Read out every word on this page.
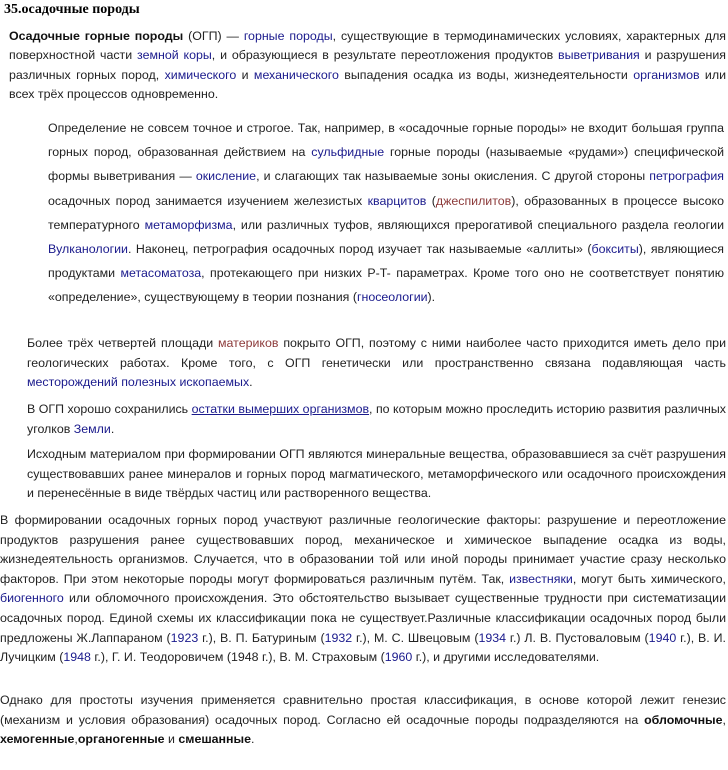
35.осадочные породы

Осадочные горные породы (ОГП) — горные породы, существующие в термодинамических условиях, характерных для поверхностной части земной коры, и образующиеся в результате переотложения продуктов выветривания и разрушения различных горных пород, химического и механического выпадения осадка из воды, жизнедеятельности организмов или всех трёх процессов одновременно.

Определение не совсем точное и строгое. Так, например, в «осадочные горные породы» не входит большая группа горных пород, образованная действием на сульфидные горные породы (называемые «рудами») специфической формы выветривания — окисление, и слагающих так называемые зоны окисления. С другой стороны петрография осадочных пород занимается изучением железистых кварцитов (джеспилитов), образованных в процессе высоко температурного метаморфизма, или различных туфов, являющихся прерогативой специального раздела геологии Вулканологии. Наконец, петрография осадочных пород изучает так называемые «аллиты» (бокситы), являющиеся продуктами метасоматоза, протекающего при низких P-T- параметрах. Кроме того оно не соответствует понятию «определение», существующему в теории познания (гносеологии).

Более трёх четвертей площади материков покрыто ОГП, поэтому с ними наиболее часто приходится иметь дело при геологических работах. Кроме того, с ОГП генетически или пространственно связана подавляющая часть месторождений полезных ископаемых.

В ОГП хорошо сохранились остатки вымерших организмов, по которым можно проследить историю развития различных уголков Земли.

Исходным материалом при формировании ОГП являются минеральные вещества, образовавшиеся за счёт разрушения существовавших ранее минералов и горных пород магматического, метаморфического или осадочного происхождения и перенесённые в виде твёрдых частиц или растворенного вещества.

В формировании осадочных горных пород участвуют различные геологические факторы: разрушение и переотложение продуктов разрушения ранее существовавших пород, механическое и химическое выпадение осадка из воды, жизнедеятельность организмов. Случается, что в образовании той или иной породы принимает участие сразу несколько факторов. При этом некоторые породы могут формироваться различным путём. Так, известняки, могут быть химического, биогенного или обломочного происхождения. Это обстоятельство вызывает существенные трудности при систематизации осадочных пород. Единой схемы их классификации пока не существует.Различные классификации осадочных пород были предложены Ж.Лаппараном (1923 г.), В. П. Батуриным (1932 г.), М. С. Швецовым (1934 г.) Л. В. Пустоваловым (1940 г.), В. И. Лучицким (1948 г.), Г. И. Теодоровичем (1948 г.), В. М. Страховым (1960 г.), и другими исследователями.

Однако для простоты изучения применяется сравнительно простая классификация, в основе которой лежит генезис (механизм и условия образования) осадочных пород. Согласно ей осадочные породы подразделяются на обломочные, хемогенные,органогенные и смешанные.
